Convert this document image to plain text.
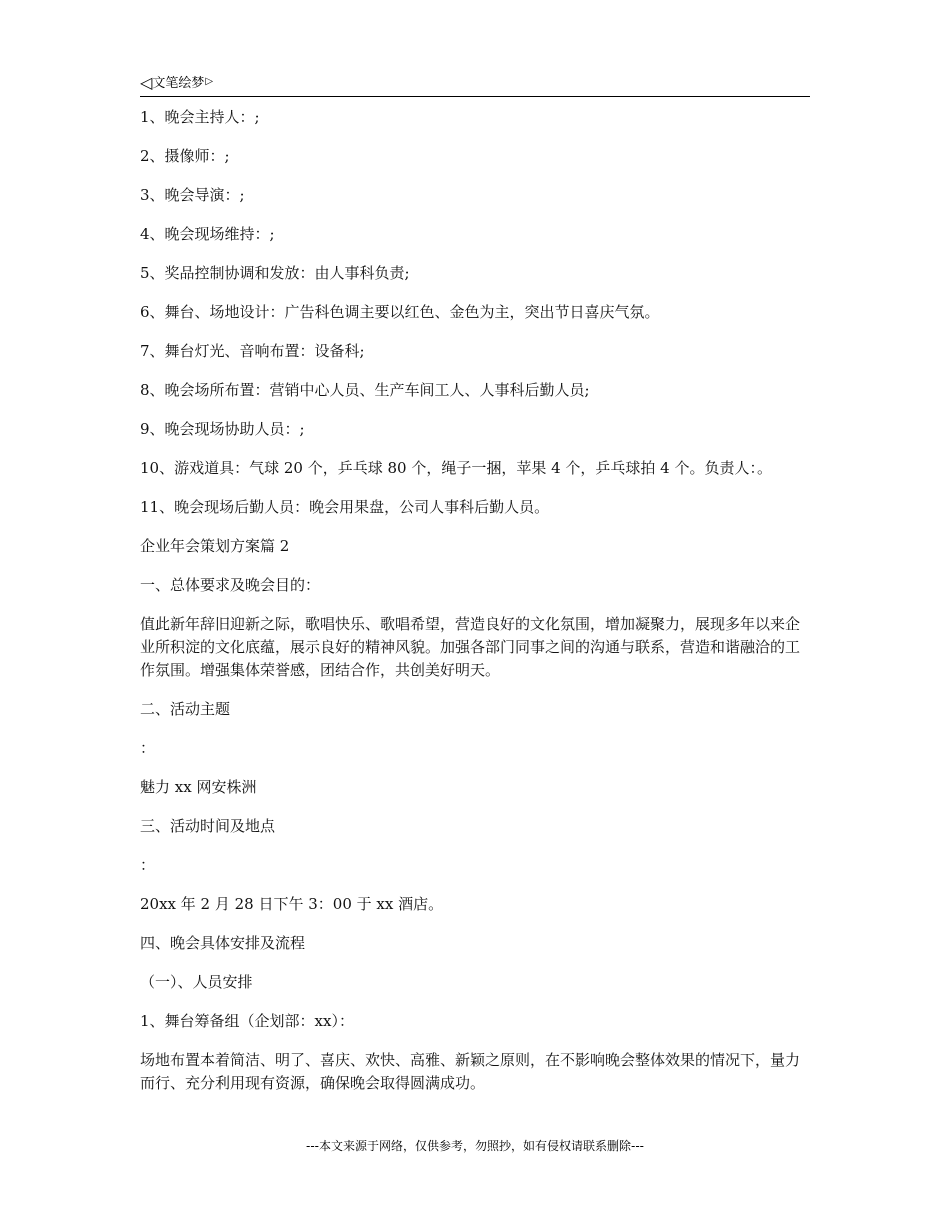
◁文笔绘梦▷

1、晚会主持人：;

2、摄像师：;

3、晚会导演：;

4、晚会现场维持：;

5、奖品控制协调和发放：由人事科负责;

6、舞台、场地设计：广告科色调主要以红色、金色为主，突出节日喜庆气氛。

7、舞台灯光、音响布置：设备科;

8、晚会场所布置：营销中心人员、生产车间工人、人事科后勤人员;

9、晚会现场协助人员：;

10、游戏道具：气球 20 个，乒乓球 80 个，绳子一捆，苹果 4 个，乒乓球拍 4 个。负责人：。

11、晚会现场后勤人员：晚会用果盘，公司人事科后勤人员。

企业年会策划方案篇 2

一、总体要求及晚会目的：

值此新年辞旧迎新之际，歌唱快乐、歌唱希望，营造良好的文化氛围，增加凝聚力，展现多年以来企业所积淀的文化底蕴，展示良好的精神风貌。加强各部门同事之间的沟通与联系，营造和谐融洽的工作氛围。增强集体荣誉感，团结合作，共创美好明天。

二、活动主题

：

魅力 xx 网安株洲

三、活动时间及地点

：

20xx 年 2 月 28 日下午 3：00 于 xx 酒店。

四、晚会具体安排及流程

（一）、人员安排

1、舞台筹备组（企划部：xx）：

场地布置本着简洁、明了、喜庆、欢快、高雅、新颖之原则，在不影响晚会整体效果的情况下，量力而行、充分利用现有资源，确保晚会取得圆满成功。

---本文来源于网络，仅供参考，勿照抄，如有侵权请联系删除---
